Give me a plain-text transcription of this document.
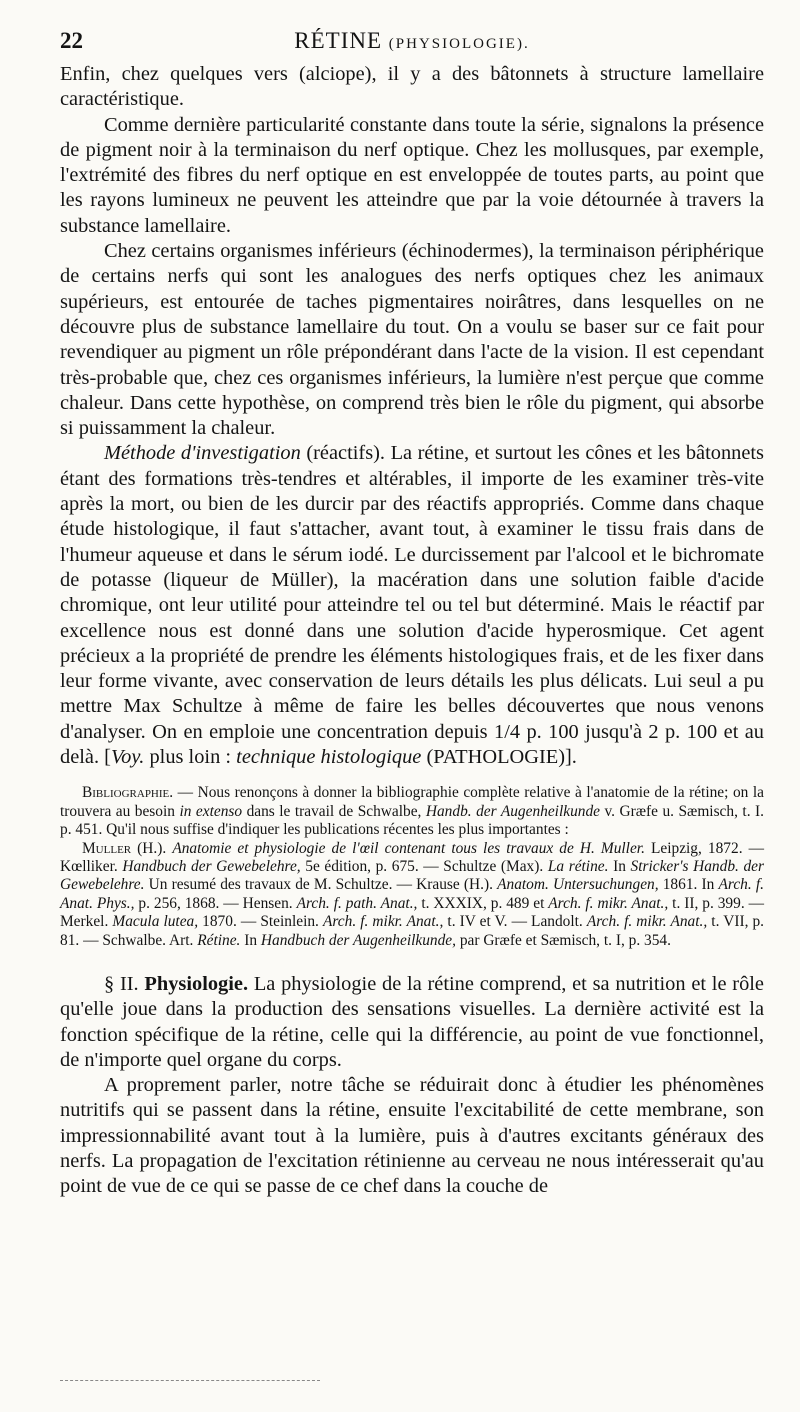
22	RÉTINE (PHYSIOLOGIE).

Enfin, chez quelques vers (alciope), il y a des bâtonnets à structure lamellaire caractéristique.

Comme dernière particularité constante dans toute la série, signalons la présence de pigment noir à la terminaison du nerf optique. Chez les mollusques, par exemple, l'extrémité des fibres du nerf optique en est enveloppée de toutes parts, au point que les rayons lumineux ne peuvent les atteindre que par la voie détournée à travers la substance lamellaire.

Chez certains organismes inférieurs (échinodermes), la terminaison périphérique de certains nerfs qui sont les analogues des nerfs optiques chez les animaux supérieurs, est entourée de taches pigmentaires noirâtres, dans lesquelles on ne découvre plus de substance lamellaire du tout. On a voulu se baser sur ce fait pour revendiquer au pigment un rôle prépondérant dans l'acte de la vision. Il est cependant très-probable que, chez ces organismes inférieurs, la lumière n'est perçue que comme chaleur. Dans cette hypothèse, on comprend très bien le rôle du pigment, qui absorbe si puissamment la chaleur.

Méthode d'investigation (réactifs). La rétine, et surtout les cônes et les bâtonnets étant des formations très-tendres et altérables, il importe de les examiner très-vite après la mort, ou bien de les durcir par des réactifs appropriés. Comme dans chaque étude histologique, il faut s'attacher, avant tout, à examiner le tissu frais dans de l'humeur aqueuse et dans le sérum iodé. Le durcissement par l'alcool et le bichromate de potasse (liqueur de Müller), la macération dans une solution faible d'acide chromique, ont leur utilité pour atteindre tel ou tel but déterminé. Mais le réactif par excellence nous est donné dans une solution d'acide hyperosmique. Cet agent précieux a la propriété de prendre les éléments histologiques frais, et de les fixer dans leur forme vivante, avec conservation de leurs détails les plus délicats. Lui seul a pu mettre Max Schultze à même de faire les belles découvertes que nous venons d'analyser. On en emploie une concentration depuis 1/4 p. 100 jusqu'à 2 p. 100 et au delà. [Voy. plus loin : technique histologique (PATHOLOGIE)].

Bibliographie. — Nous renonçons à donner la bibliographie complète relative à l'anatomie de la rétine; on la trouvera au besoin in extenso dans le travail de Schwalbe, Handb. der Augenheilkunde v. Græfe u. Sæmisch, t. I. p. 451. Qu'il nous suffise d'indiquer les publications récentes les plus importantes :

Muller (H.). Anatomie et physiologie de l'œil contenant tous les travaux de H. Muller. Leipzig, 1872. — Kœlliker. Handbuch der Gewebelehre, 5e édition, p. 675. — Schultze (Max). La rétine. In Stricker's Handb. der Gewebelehre. Un resumé des travaux de M. Schultze. — Krause (H.). Anatom. Untersuchungen, 1861. In Arch. f. Anat. Phys., p. 256, 1868. — Hensen. Arch. f. path. Anat., t. XXXIX, p. 489 et Arch. f. mikr. Anat., t. II, p. 399. — Merkel. Macula lutea, 1870. — Steinlein. Arch. f. mikr. Anat., t. IV et V. — Landolt. Arch. f. mikr. Anat., t. VII, p. 81. — Schwalbe. Art. Rétine. In Handbuch der Augenheilkunde, par Græfe et Sæmisch, t. I, p. 354.

§ II. Physiologie. La physiologie de la rétine comprend, et sa nutrition et le rôle qu'elle joue dans la production des sensations visuelles. La dernière activité est la fonction spécifique de la rétine, celle qui la différencie, au point de vue fonctionnel, de n'importe quel organe du corps.

A proprement parler, notre tâche se réduirait donc à étudier les phénomènes nutritifs qui se passent dans la rétine, ensuite l'excitabilité de cette membrane, son impressionnabilité avant tout à la lumière, puis à d'autres excitants généraux des nerfs. La propagation de l'excitation rétinienne au cerveau ne nous intéresserait qu'au point de vue de ce qui se passe de ce chef dans la couche de
